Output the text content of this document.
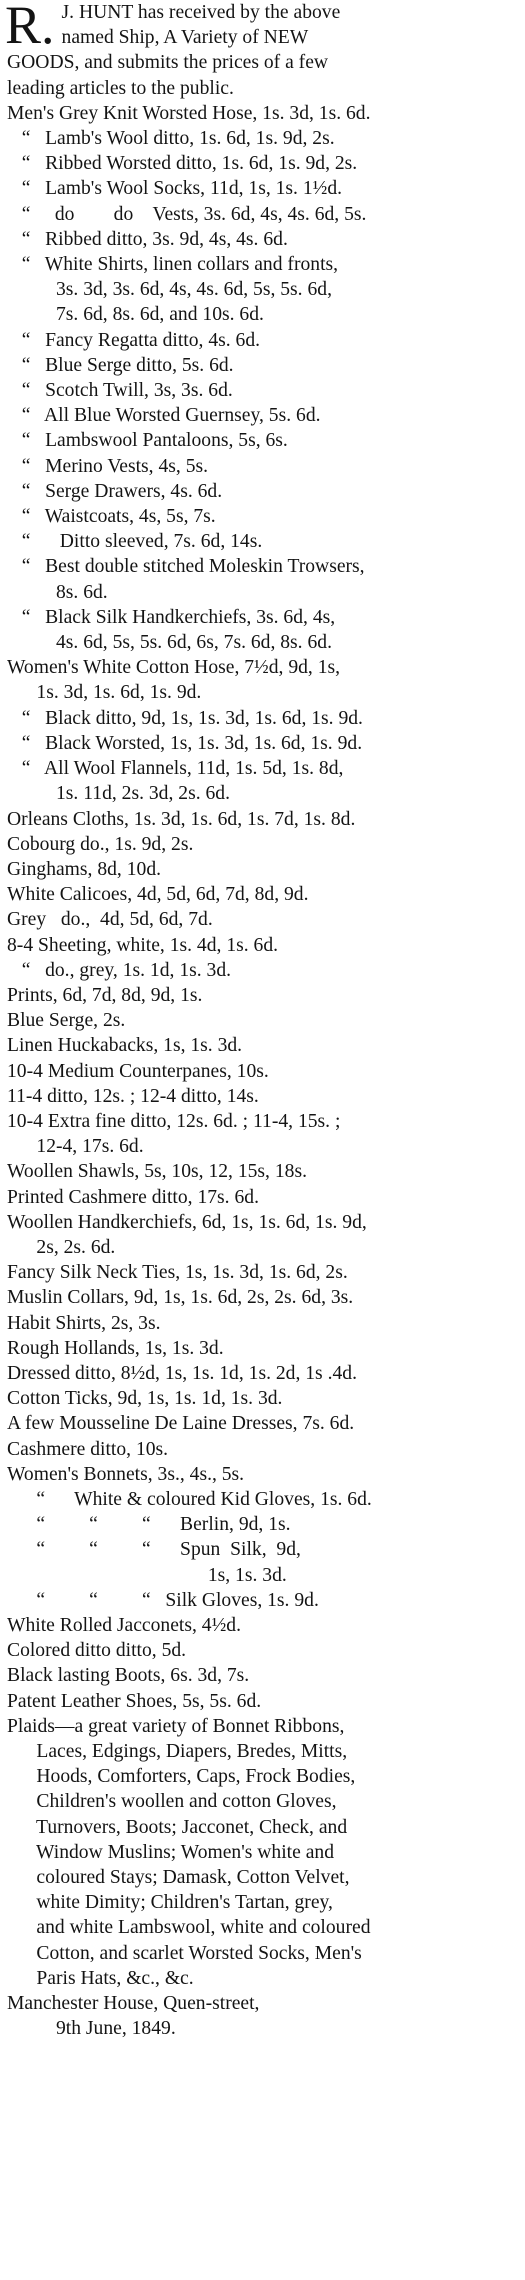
R. J. HUNT has received by the above
named Ship, A Variety of NEW
GOODS, and submits the prices of a few
leading articles to the public.
Men's Grey Knit Worsted Hose, 1s. 3d, 1s. 6d.
“   Lamb's Wool ditto, 1s. 6d, 1s. 9d, 2s.
“   Ribbed Worsted ditto, 1s. 6d, 1s. 9d, 2s.
“   Lamb's Wool Socks, 11d, 1s, 1s. 1½d.
“     do        do    Vests, 3s. 6d, 4s, 4s. 6d, 5s.
“   Ribbed ditto, 3s. 9d, 4s, 4s. 6d.
“   White Shirts, linen collars and fronts,
3s. 3d, 3s. 6d, 4s, 4s. 6d, 5s, 5s. 6d,
7s. 6d, 8s. 6d, and 10s. 6d.
“   Fancy Regatta ditto, 4s. 6d.
“   Blue Serge ditto, 5s. 6d.
“   Scotch Twill, 3s, 3s. 6d.
“   All Blue Worsted Guernsey, 5s. 6d.
“   Lambswool Pantaloons, 5s, 6s.
“   Merino Vests, 4s, 5s.
“   Serge Drawers, 4s. 6d.
“   Waistcoats, 4s, 5s, 7s.
“      Ditto sleeved, 7s. 6d, 14s.
“   Best double stitched Moleskin Trowsers,
8s. 6d.
“   Black Silk Handkerchiefs, 3s. 6d, 4s,
4s. 6d, 5s, 5s. 6d, 6s, 7s. 6d, 8s. 6d.
Women's White Cotton Hose, 7½d, 9d, 1s,
1s. 3d, 1s. 6d, 1s. 9d.
“   Black ditto, 9d, 1s, 1s. 3d, 1s. 6d, 1s. 9d.
“   Black Worsted, 1s, 1s. 3d, 1s. 6d, 1s. 9d.
“   All Wool Flannels, 11d, 1s. 5d, 1s. 8d,
1s. 11d, 2s. 3d, 2s. 6d.
Orleans Cloths, 1s. 3d, 1s. 6d, 1s. 7d, 1s. 8d.
Cobourg do., 1s. 9d, 2s.
Ginghams, 8d, 10d.
White Calicoes, 4d, 5d, 6d, 7d, 8d, 9d.
Grey   do.,  4d, 5d, 6d, 7d.
8-4 Sheeting, white, 1s. 4d, 1s. 6d.
“   do., grey, 1s. 1d, 1s. 3d.
Prints, 6d, 7d, 8d, 9d, 1s.
Blue Serge, 2s.
Linen Huckabacks, 1s, 1s. 3d.
10-4 Medium Counterpanes, 10s.
11-4 ditto, 12s. ; 12-4 ditto, 14s.
10-4 Extra fine ditto, 12s. 6d. ; 11-4, 15s. ;
12-4, 17s. 6d.
Woollen Shawls, 5s, 10s, 12, 15s, 18s.
Printed Cashmere ditto, 17s. 6d.
Woollen Handkerchiefs, 6d, 1s, 1s. 6d, 1s. 9d,
2s, 2s. 6d.
Fancy Silk Neck Ties, 1s, 1s. 3d, 1s. 6d, 2s.
Muslin Collars, 9d, 1s, 1s. 6d, 2s, 2s. 6d, 3s.
Habit Shirts, 2s, 3s.
Rough Hollands, 1s, 1s. 3d.
Dressed ditto, 8½d, 1s, 1s. 1d, 1s. 2d, 1s .4d.
Cotton Ticks, 9d, 1s, 1s. 1d, 1s. 3d.
A few Mousseline De Laine Dresses, 7s. 6d.
Cashmere ditto, 10s.
Women's Bonnets, 3s., 4s., 5s.
“      White & coloured Kid Gloves, 1s. 6d.
“         “         “      Berlin, 9d, 1s.
“         “         “      Spun  Silk,  9d,
1s, 1s. 3d.
“         “         “   Silk Gloves, 1s. 9d.
White Rolled Jacconets, 4½d.
Colored ditto ditto, 5d.
Black lasting Boots, 6s. 3d, 7s.
Patent Leather Shoes, 5s, 5s. 6d.
Plaids—a great variety of Bonnet Ribbons,
Laces, Edgings, Diapers, Bredes, Mitts,
Hoods, Comforters, Caps, Frock Bodies,
Children's woollen and cotton Gloves,
Turnovers, Boots; Jacconet, Check, and
Window Muslins; Women's white and
coloured Stays; Damask, Cotton Velvet,
white Dimity; Children's Tartan, grey,
and white Lambswool, white and coloured
Cotton, and scarlet Worsted Socks, Men's
Paris Hats, &c., &c.
Manchester House, Quen-street,
9th June, 1849.
